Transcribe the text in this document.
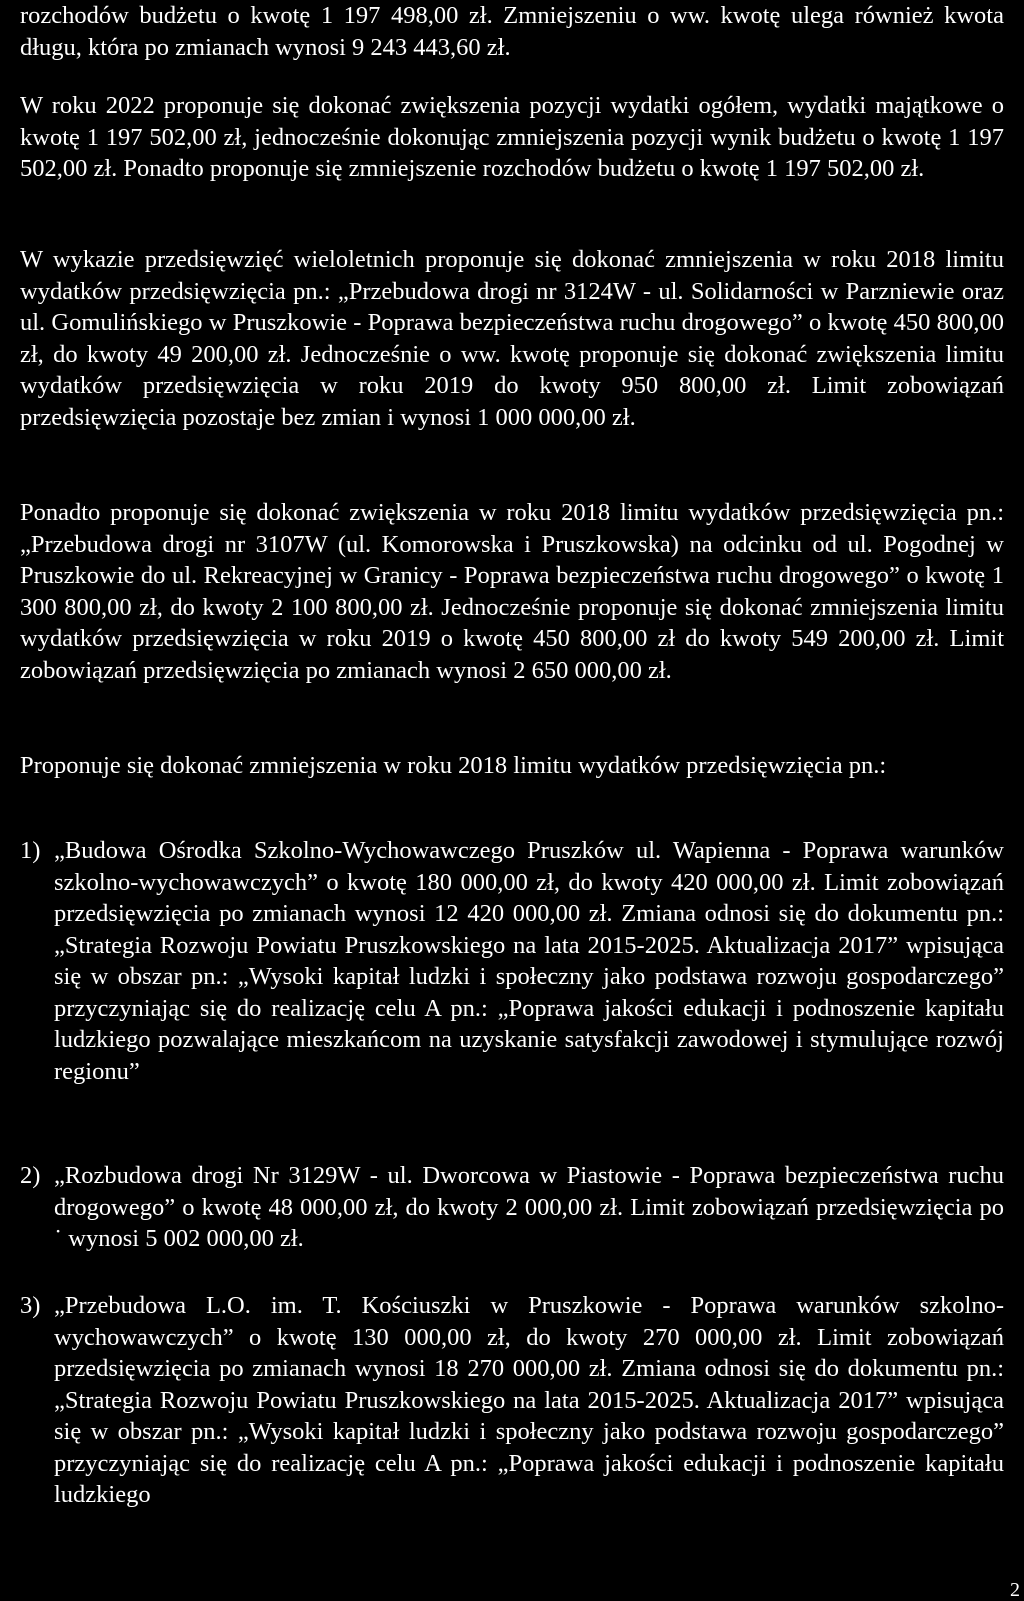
rozchodów budżetu o kwotę 1 197 498,00 zł. Zmniejszeniu o ww. kwotę ulega również kwota długu, która po zmianach wynosi 9 243 443,60 zł.

W roku 2022 proponuje się dokonać zwiększenia pozycji wydatki ogółem, wydatki majątkowe o kwotę 1 197 502,00 zł, jednocześnie dokonując zmniejszenia pozycji wynik budżetu o kwotę 1 197 502,00 zł. Ponadto proponuje się zmniejszenie rozchodów budżetu o kwotę 1 197 502,00 zł.

W wykazie przedsięwzięć wieloletnich proponuje się dokonać zmniejszenia w roku 2018 limitu wydatków przedsięwzięcia pn.: „Przebudowa drogi nr 3124W - ul. Solidarności w Parzniewie oraz ul. Gomulińskiego w Pruszkowie - Poprawa bezpieczeństwa ruchu drogowego” o kwotę 450 800,00 zł, do kwoty 49 200,00 zł. Jednocześnie o ww. kwotę proponuje się dokonać zwiększenia limitu wydatków przedsięwzięcia w roku 2019 do kwoty 950 800,00 zł. Limit zobowiązań przedsięwzięcia pozostaje bez zmian i wynosi 1 000 000,00 zł.

Ponadto proponuje się dokonać zwiększenia w roku 2018 limitu wydatków przedsięwzięcia pn.: „Przebudowa drogi nr 3107W (ul. Komorowska i Pruszkowska) na odcinku od ul. Pogodnej w Pruszkowie do ul. Rekreacyjnej w Granicy - Poprawa bezpieczeństwa ruchu drogowego” o kwotę 1 300 800,00 zł, do kwoty 2 100 800,00 zł. Jednocześnie proponuje się dokonać zmniejszenia limitu wydatków przedsięwzięcia w roku 2019 o kwotę 450 800,00 zł do kwoty 549 200,00 zł. Limit zobowiązań przedsięwzięcia po zmianach wynosi 2 650 000,00 zł.

Proponuje się dokonać zmniejszenia w roku 2018 limitu wydatków przedsięwzięcia pn.:

1) „Budowa Ośrodka Szkolno-Wychowawczego Pruszków ul. Wapienna - Poprawa warunków szkolno-wychowawczych” o kwotę 180 000,00 zł, do kwoty 420 000,00 zł. Limit zobowiązań przedsięwzięcia po zmianach wynosi 12 420 000,00 zł. Zmiana odnosi się do dokumentu pn.: „Strategia Rozwoju Powiatu Pruszkowskiego na lata 2015-2025. Aktualizacja 2017” wpisująca się w obszar pn.: „Wysoki kapitał ludzki i społeczny jako podstawa rozwoju gospodarczego” przyczyniając się do realizację celu A pn.: „Poprawa jakości edukacji i podnoszenie kapitału ludzkiego pozwalające mieszkańcom na uzyskanie satysfakcji zawodowej i stymulujące rozwój regionu”
2) „Rozbudowa drogi Nr 3129W - ul. Dworcowa w Piastowie - Poprawa bezpieczeństwa ruchu drogowego” o kwotę 48 000,00 zł, do kwoty 2 000,00 zł. Limit zobowiązań przedsięwzięcia po ˙ wynosi 5 002 000,00 zł.
3) „Przebudowa L.O. im. T. Kościuszki w Pruszkowie - Poprawa warunków szkolno-wychowawczych” o kwotę 130 000,00 zł, do kwoty 270 000,00 zł. Limit zobowiązań przedsięwzięcia po zmianach wynosi 18 270 000,00 zł. Zmiana odnosi się do dokumentu pn.: „Strategia Rozwoju Powiatu Pruszkowskiego na lata 2015-2025. Aktualizacja 2017” wpisująca się w obszar pn.: „Wysoki kapitał ludzki i społeczny jako podstawa rozwoju gospodarczego” przyczyniając się do realizację celu A pn.: „Poprawa jakości edukacji i podnoszenie kapitału ludzkiego
2
